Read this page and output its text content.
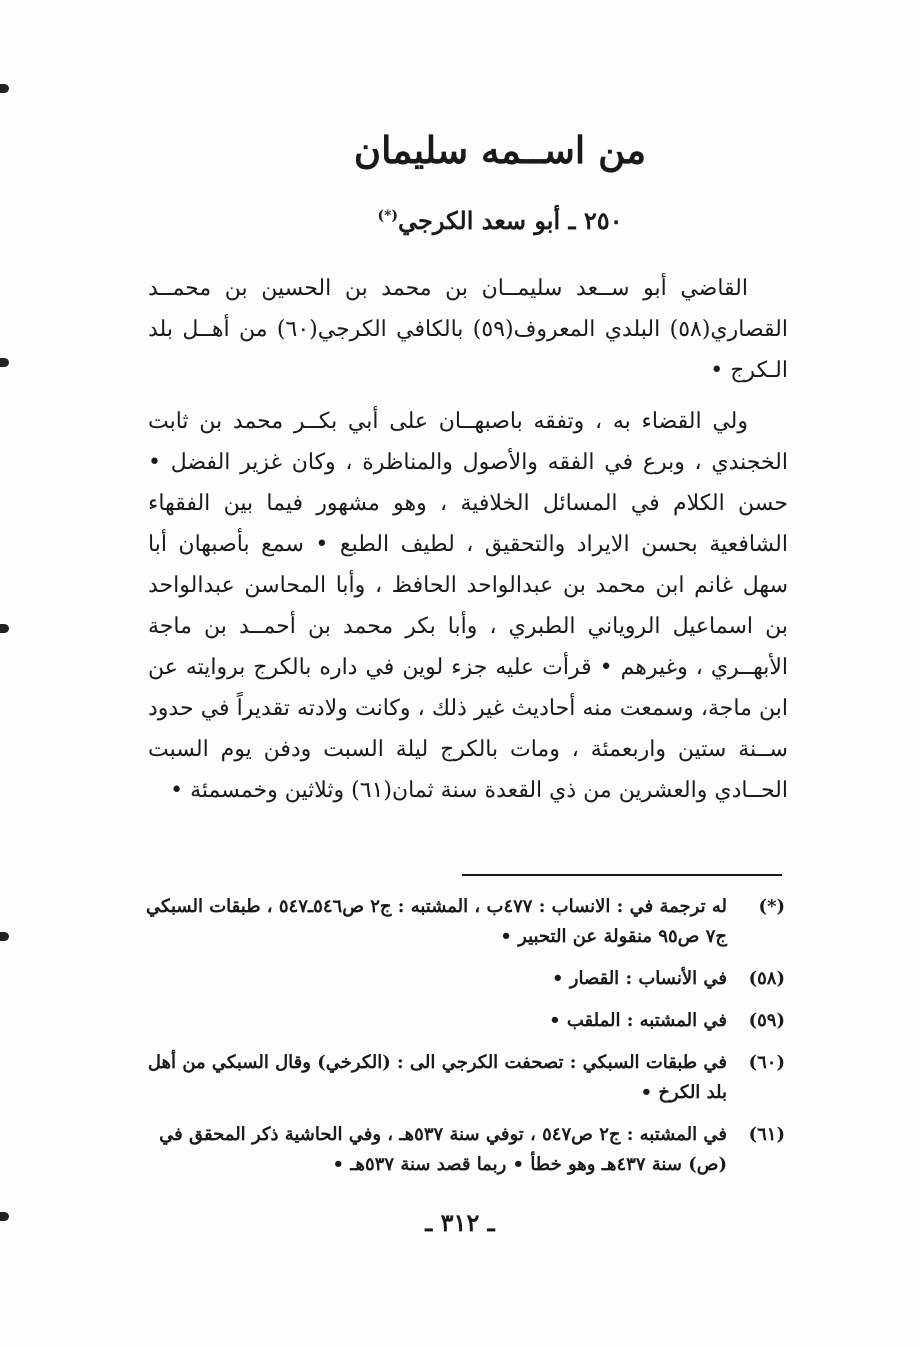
من اســمه سليمان
٢٥٠ ـ أبو سعد الكرجي(*)

القاضي أبو ســعد سليمــان بن محمد بن الحسين بن محمــد القصاري(٥٨) البلدي المعروف(٥٩) بالكافي الكرجي(٦٠) من أهــل بلد الـكرج •

ولي القضاء به ، وتفقه باصبهــان على أبي بكــر محمد بن ثابت الخجندي ، وبرع في الفقه والأصول والمناظرة ، وكان غزير الفضل • حسن الكلام في المسائل الخلافية ، وهو مشهور فيما بين الفقهاء الشافعية بحسن الايراد والتحقيق ، لطيف الطبع • سمع بأصبهان أبا سهل غانم ابن محمد بن عبدالواحد الحافظ ، وأبا المحاسن عبدالواحد بن اسماعيل الروياني الطبري ، وأبا بكر محمد بن أحمــد بن ماجة الأبهــري ، وغيرهم • قرأت عليه جزء لوين في داره بالكرج بروايته عن ابن ماجة، وسمعت منه أحاديث غير ذلك ، وكانت ولادته تقديراً في حدود ســنة ستين واربعمئة ، ومات بالكرج ليلة السبت ودفن يوم السبت الحــادي والعشرين من ذي القعدة سنة ثمان(٦١) وثلاثين وخمسمئة •

(*)
له ترجمة في : الانساب : ٤٧٧ب ، المشتبه : ج٢ ص٥٤٦ـ٥٤٧ ، طبقات السبكي ج٧ ص٩٥ منقولة عن التحبير •
(٥٨)
في الأنساب : القصار •
(٥٩)
في المشتبه : الملقب •
(٦٠)
في طبقات السبكي : تصحفت الكرجي الى : (الكرخي) وقال السبكي من أهل بلد الكرخ •
(٦١)
في المشتبه : ج٢ ص٥٤٧ ، توفي سنة ٥٣٧هـ ، وفي الحاشية ذكر المحقق في (ص) سنة ٤٣٧هـ وهو خطأ • ربما قصد سنة ٥٣٧هـ •
ـ ٣١٢ ـ
